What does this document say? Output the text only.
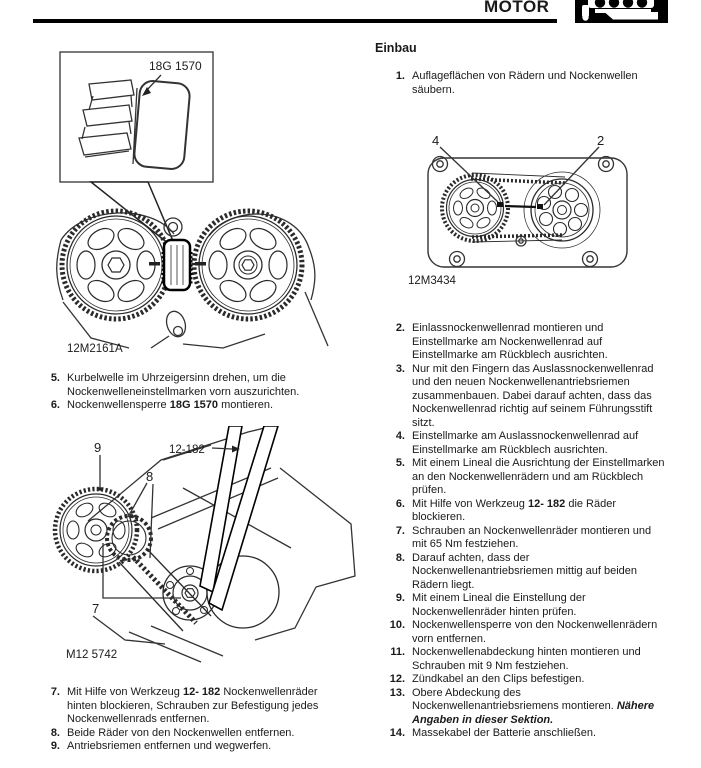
MOTOR
18G 1570
12M2161A
5. Kurbelwelle im Uhrzeigersinn drehen, um die Nockenwelleneinstellmarken vorn auszurichten.

6. Nockenwellensperre 18G 1570 montieren.

9	12-182
8
7
M12 5742
7. Mit Hilfe von Werkzeug 12- 182 Nockenwellenräder hinten blockieren, Schrauben zur Befestigung jedes Nockenwellenrads entfernen.

8. Beide Räder von den Nockenwellen entfernen.

9. Antriebsriemen entfernen und wegwerfen.

Einbau
1. Auflageflächen von Rädern und Nockenwellen säubern.

4	2
12M3434
2. Einlassnockenwellenrad montieren und Einstellmarke am Nockenwellenrad auf Einstellmarke am Rückblech ausrichten.

3. Nur mit den Fingern das Auslassnockenwellenrad und den neuen Nockenwellenantriebsriemen zusammenbauen. Dabei darauf achten, dass das Nockenwellenrad richtig auf seinem Führungsstift sitzt.

4. Einstellmarke am Auslassnockenwellenrad auf Einstellmarke am Rückblech ausrichten.

5. Mit einem Lineal die Ausrichtung der Einstellmarken an den Nockenwellenrädern und am Rückblech prüfen.

6. Mit Hilfe von Werkzeug 12- 182 die Räder blockieren.

7. Schrauben an Nockenwellenräder montieren und mit 65 Nm festziehen.

8. Darauf achten, dass der Nockenwellenantriebsriemen mittig auf beiden Rädern liegt.

9. Mit einem Lineal die Einstellung der Nockenwellenräder hinten prüfen.

10. Nockenwellensperre von den Nockenwellenrädern vorn entfernen.

11. Nockenwellenabdeckung hinten montieren und Schrauben mit 9 Nm festziehen.

12. Zündkabel an den Clips befestigen.

13. Obere Abdeckung des Nockenwellenantriebsriemens montieren. Nähere Angaben in dieser Sektion.

14. Massekabel der Batterie anschließen.
